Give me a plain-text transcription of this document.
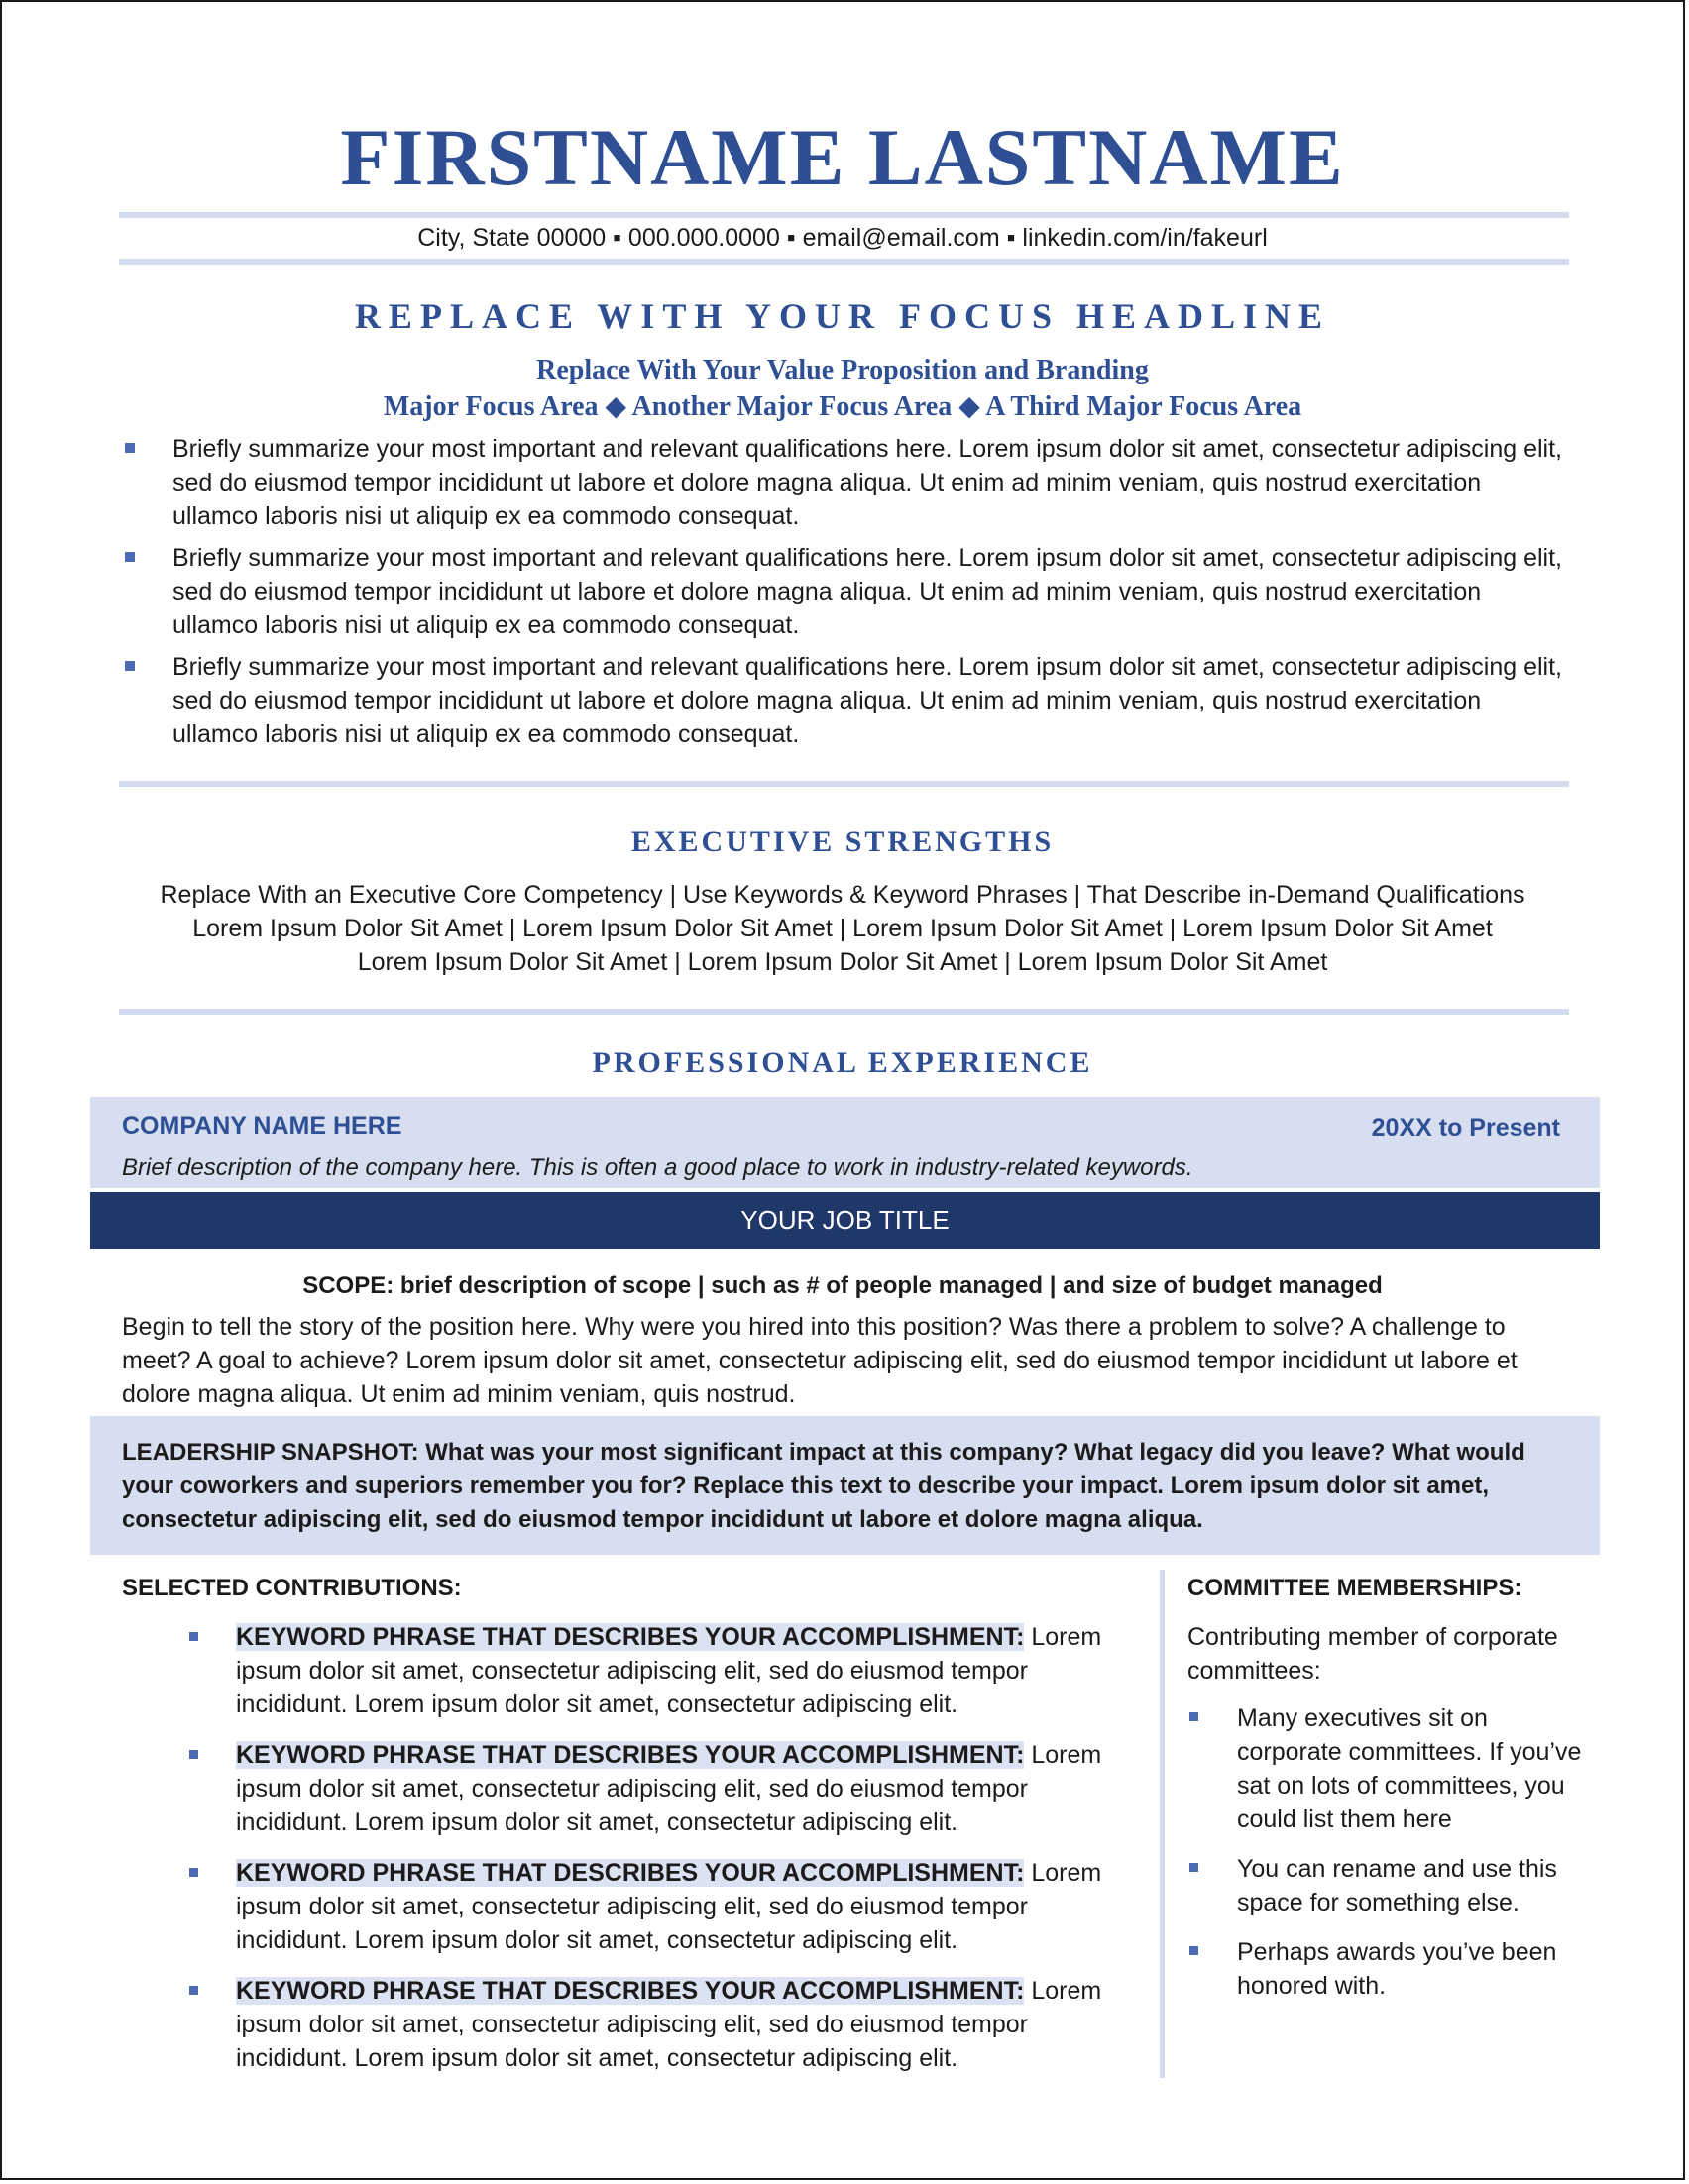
FIRSTNAME LASTNAME
City, State 00000 ▪ 000.000.0000 ▪ email@email.com ▪ linkedin.com/in/fakeurl
REPLACE WITH YOUR FOCUS HEADLINE
Replace With Your Value Proposition and Branding
Major Focus Area ◆ Another Major Focus Area ◆ A Third Major Focus Area
Briefly summarize your most important and relevant qualifications here. Lorem ipsum dolor sit amet, consectetur adipiscing elit, sed do eiusmod tempor incididunt ut labore et dolore magna aliqua. Ut enim ad minim veniam, quis nostrud exercitation ullamco laboris nisi ut aliquip ex ea commodo consequat.
Briefly summarize your most important and relevant qualifications here. Lorem ipsum dolor sit amet, consectetur adipiscing elit, sed do eiusmod tempor incididunt ut labore et dolore magna aliqua. Ut enim ad minim veniam, quis nostrud exercitation ullamco laboris nisi ut aliquip ex ea commodo consequat.
Briefly summarize your most important and relevant qualifications here. Lorem ipsum dolor sit amet, consectetur adipiscing elit, sed do eiusmod tempor incididunt ut labore et dolore magna aliqua. Ut enim ad minim veniam, quis nostrud exercitation ullamco laboris nisi ut aliquip ex ea commodo consequat.
EXECUTIVE STRENGTHS
Replace With an Executive Core Competency | Use Keywords & Keyword Phrases | That Describe in-Demand Qualifications
Lorem Ipsum Dolor Sit Amet | Lorem Ipsum Dolor Sit Amet | Lorem Ipsum Dolor Sit Amet | Lorem Ipsum Dolor Sit Amet
Lorem Ipsum Dolor Sit Amet | Lorem Ipsum Dolor Sit Amet | Lorem Ipsum Dolor Sit Amet
PROFESSIONAL EXPERIENCE
COMPANY NAME HERE	20XX to Present
Brief description of the company here. This is often a good place to work in industry-related keywords.
YOUR JOB TITLE
SCOPE: brief description of scope | such as # of people managed | and size of budget managed
Begin to tell the story of the position here. Why were you hired into this position? Was there a problem to solve? A challenge to meet? A goal to achieve? Lorem ipsum dolor sit amet, consectetur adipiscing elit, sed do eiusmod tempor incididunt ut labore et dolore magna aliqua. Ut enim ad minim veniam, quis nostrud.
LEADERSHIP SNAPSHOT: What was your most significant impact at this company? What legacy did you leave? What would your coworkers and superiors remember you for? Replace this text to describe your impact. Lorem ipsum dolor sit amet, consectetur adipiscing elit, sed do eiusmod tempor incididunt ut labore et dolore magna aliqua.
SELECTED CONTRIBUTIONS:
KEYWORD PHRASE THAT DESCRIBES YOUR ACCOMPLISHMENT: Lorem ipsum dolor sit amet, consectetur adipiscing elit, sed do eiusmod tempor incididunt. Lorem ipsum dolor sit amet, consectetur adipiscing elit.
KEYWORD PHRASE THAT DESCRIBES YOUR ACCOMPLISHMENT: Lorem ipsum dolor sit amet, consectetur adipiscing elit, sed do eiusmod tempor incididunt. Lorem ipsum dolor sit amet, consectetur adipiscing elit.
KEYWORD PHRASE THAT DESCRIBES YOUR ACCOMPLISHMENT: Lorem ipsum dolor sit amet, consectetur adipiscing elit, sed do eiusmod tempor incididunt. Lorem ipsum dolor sit amet, consectetur adipiscing elit.
KEYWORD PHRASE THAT DESCRIBES YOUR ACCOMPLISHMENT: Lorem ipsum dolor sit amet, consectetur adipiscing elit, sed do eiusmod tempor incididunt. Lorem ipsum dolor sit amet, consectetur adipiscing elit.
COMMITTEE MEMBERSHIPS:
Contributing member of corporate committees:
Many executives sit on corporate committees. If you’ve sat on lots of committees, you could list them here
You can rename and use this space for something else.
Perhaps awards you’ve been honored with.
